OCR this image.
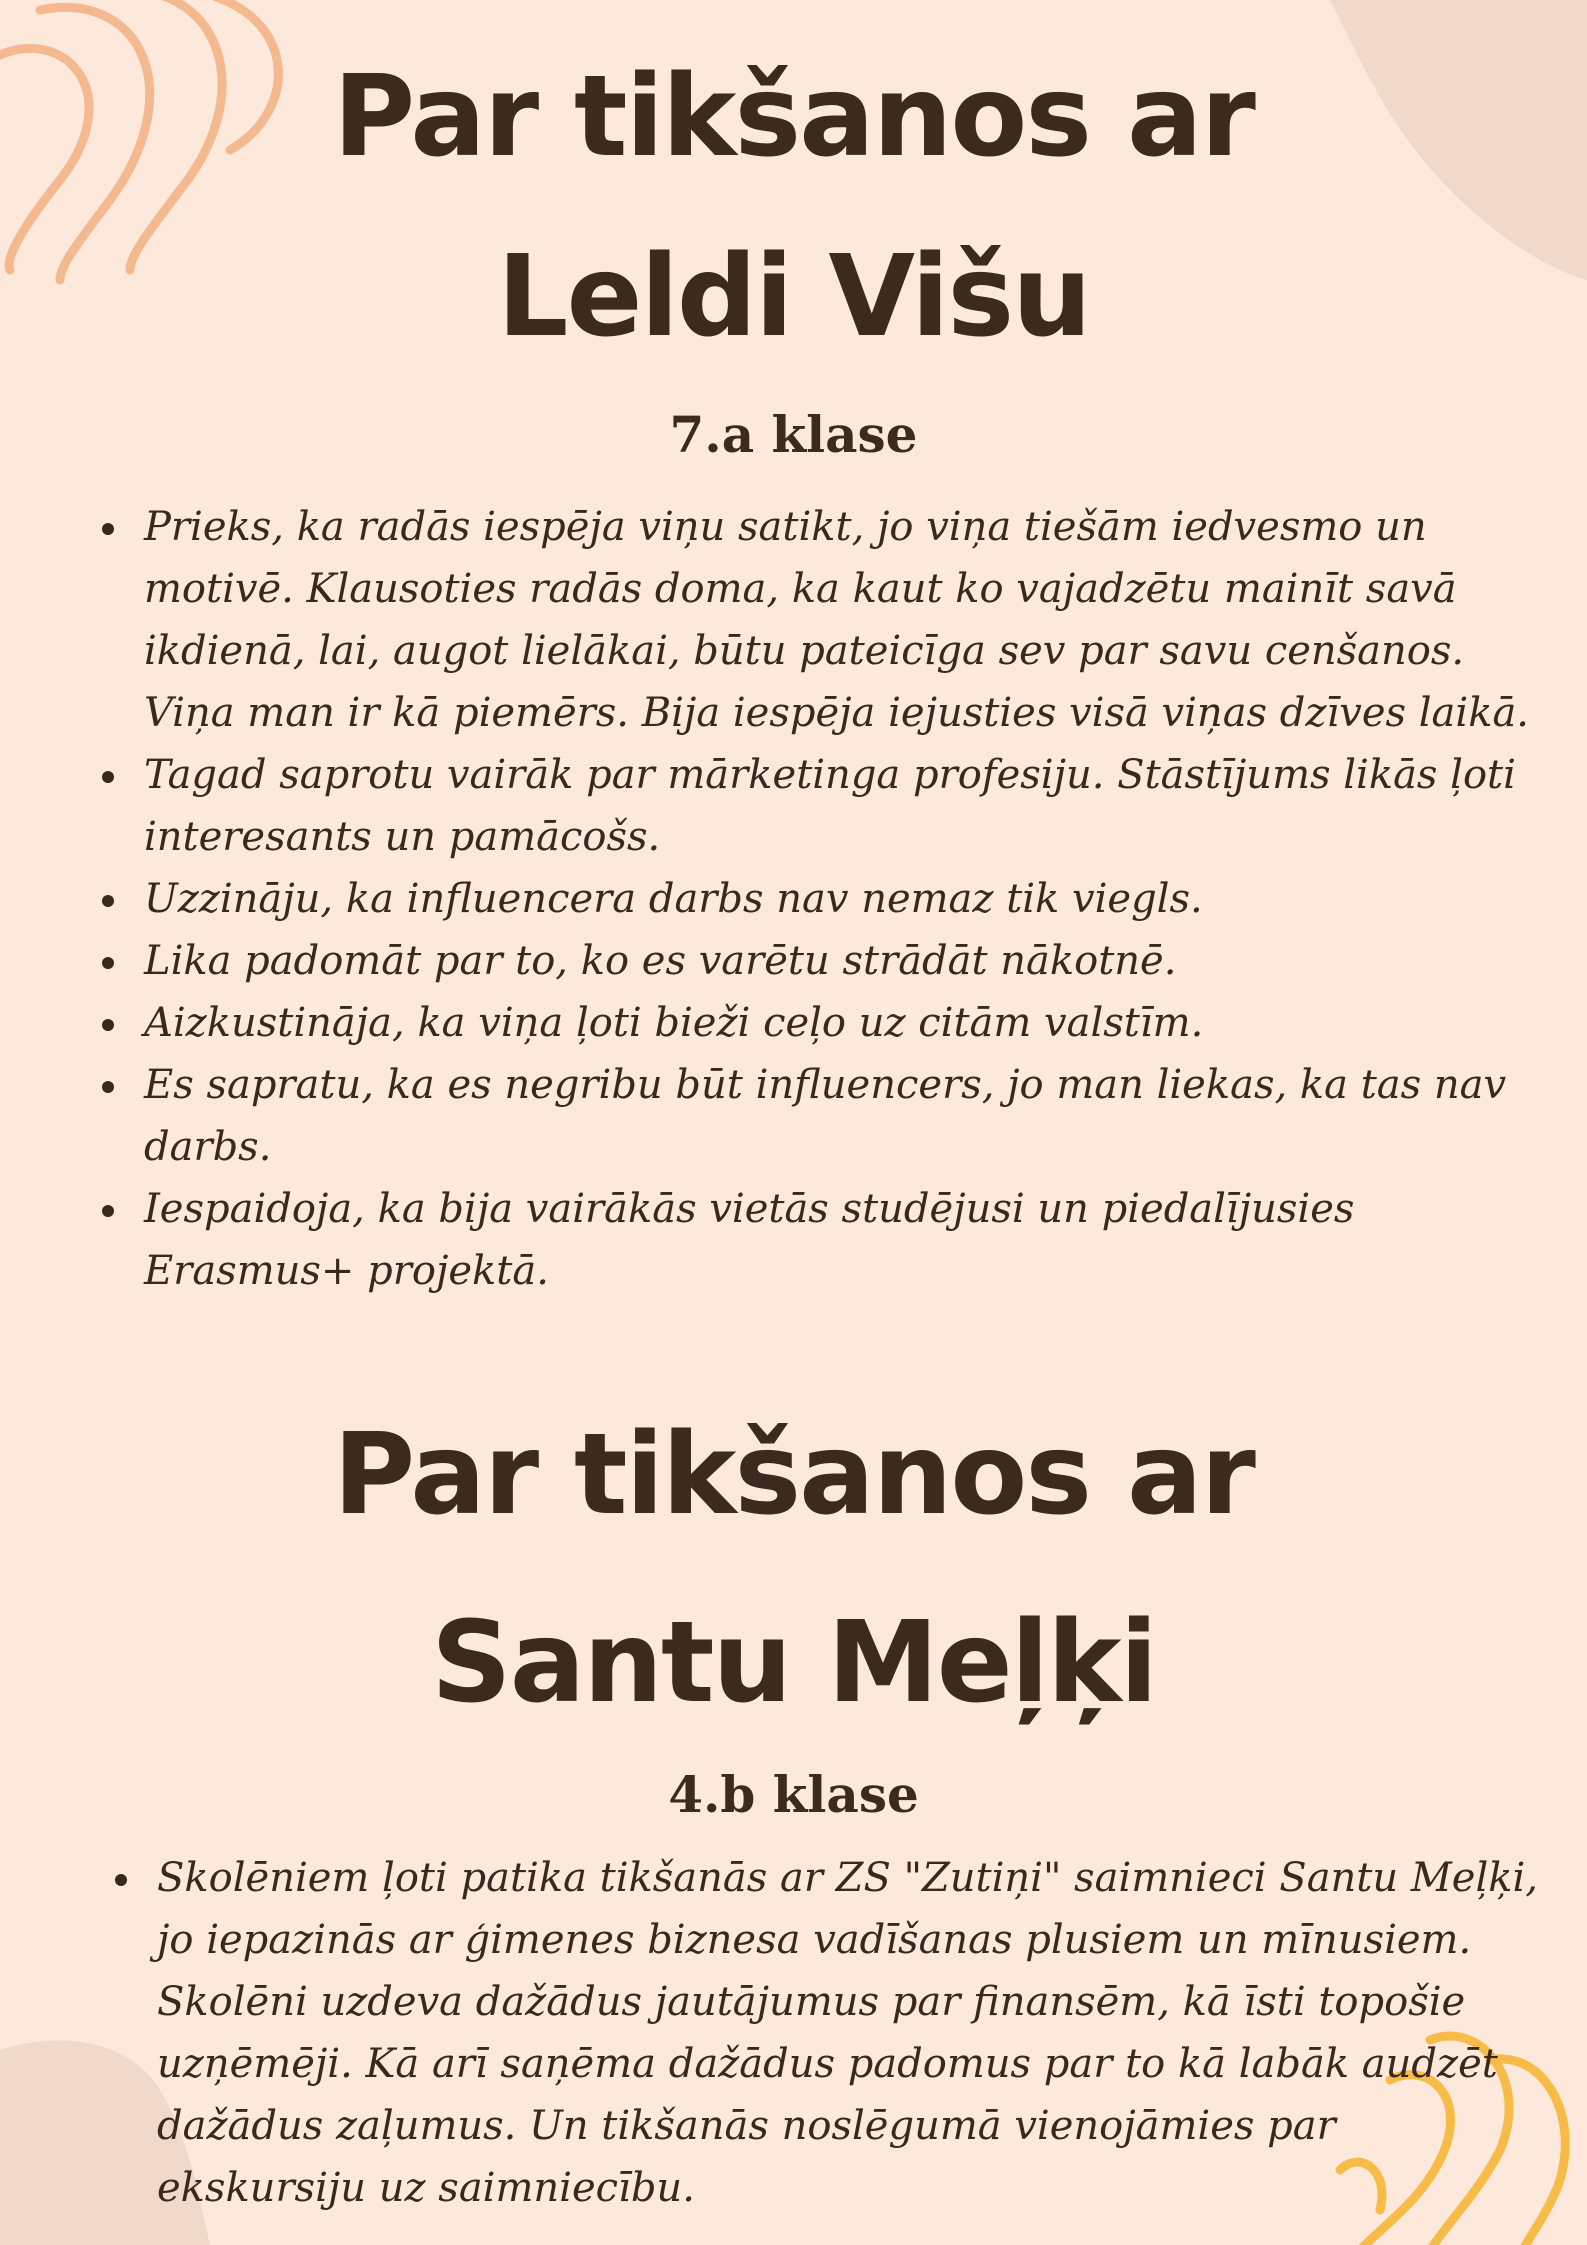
Par tikšanos ar
Leldi Višu
7.a klase
Prieks, ka radās iespēja viņu satikt, jo viņa tiešām iedvesmo un motivē. Klausoties radās doma, ka kaut ko vajadzētu mainīt savā ikdienā, lai, augot lielākai, būtu pateicīga sev par savu cenšanos. Viņa man ir kā piemērs. Bija iespēja iejusties visā viņas dzīves laikā.
Tagad saprotu vairāk par mārketinga profesiju. Stāstījums likās ļoti interesants un pamācošs.
Uzzināju, ka influencera darbs nav nemaz tik viegls.
Lika padomāt par to, ko es varētu strādāt nākotnē.
Aizkustināja, ka viņa ļoti bieži ceļo uz citām valstīm.
Es sapratu, ka es negribu būt influencers, jo man liekas, ka tas nav darbs.
Iespaidoja, ka bija vairākās vietās studējusi un piedalījusies Erasmus+ projektā.
Par tikšanos ar
Santu Meļķi
4.b klase
Skolēniem ļoti patika tikšanās ar ZS "Zutiņi" saimnieci Santu Meļķi, jo iepazinās ar ģimenes biznesa vadīšanas plusiem un mīnusiem. Skolēni uzdeva dažādus jautājumus par finansēm, kā īsti topošie uzņēmēji. Kā arī saņēma dažādus padomus par to kā labāk audzēt dažādus zaļumus. Un tikšanās noslēgumā vienojāmies par ekskursiju uz saimniecību.
